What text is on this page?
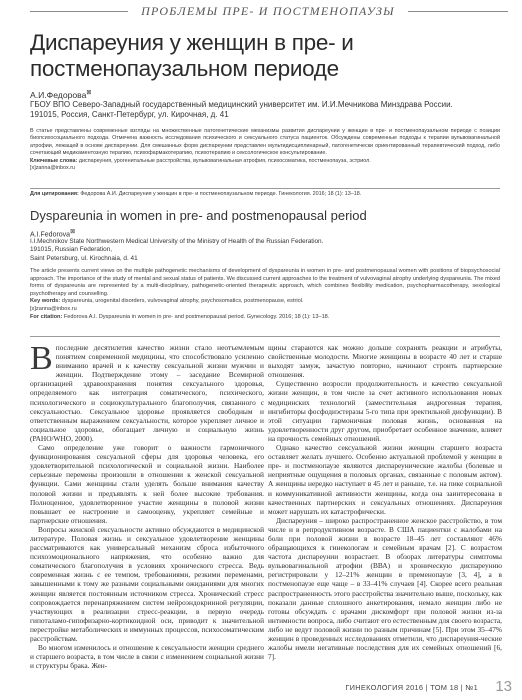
ПРОБЛЕМЫ ПРЕ- И ПОСТМЕНОПАУЗЫ
Диспареуния у женщин в пре- и постменопаузальном периоде
А.И.Федорова⊠
ГБОУ ВПО Северо-Западный государственный медицинский университет им. И.И.Мечникова Минздрава России.
191015, Россия, Санкт-Петербург, ул. Кирочная, д. 41
В статье представлены современные взгляды на множественные патогенетические механизмы развития диспареунии у женщин в пре- и постменопаузальном периоде с позиции биопсихосоциального подхода. Отмечена важность исследования психического и сексуального статуса пациенток. Обсуждены современные подходы к терапии вульвовагинальной атрофии, лежащей в основе диспареунии. Для смешанных форм диспареунии представлен мультидисциплинарный, патогенетически ориентированный терапевтический подход, либо сочетающий медикаментозную терапию, психофармакотерапию, психотерапию и сексологическое консультирование.
Ключевые слова: диспареуния, урогенитальные расстройства, вульвовагинальная атрофия, психосоматика, постменопауза, эстриол.
[x]zanna@inbox.ru
Для цитирования: Федорова А.И. Диспареуния у женщин в пре- и постменопаузальном периоде. Гинекология. 2016; 18 (1): 13–18.
Dyspareunia in women in pre- and postmenopausal period
A.I.Fedorova⊠
I.I.Mechnikov State Northwestern Medical University of the Ministry of Health of the Russian Federation. 191015, Russian Federation,
Saint Petersburg, ul. Kirochnaia, d. 41
The article presents current views on the multiple pathogenetic mechanisms of development of dyspareunia in women in pre- and postmenopausal women with positions of biopsychosocial approach. The importance of the study of mental and sexual status of patients. We discussed current approaches to the treatment of vulvovaginal atrophy underlying dyspareunia. The mixed forms of dyspareunia are represented by a multi-disciplinary, pathogenetic-oriented therapeutic approach, which combines flexibility medication, psychopharmacotherapy, sexological psychotherapy and counselling.
Key words: dyspareunia, urogenital disorders, vulvovaginal atrophy, psychosomatics, postmenopause, estriol.
[x]zanna@inbox.ru
For citation: Fedorova A.I. Dyspareunia in women in pre- and postmenopausal period. Gynecology. 2016; 18 (1): 13–18.

Впоследние десятилетия качество жизни стало неотъемлемым понятием современной медицины, что способствовало усиленно вниманию врачей и к качеству сексуальной жизни мужчин и женщин. Подтверждение этому – заседание Всемирной организацией здравоохранения понятия сексуального здоровья, определяемого как интеграция соматического, психического, психологического и социокультурального благополучия, связанного с сексуальностью. Сексуальное здоровье проявляется свободным и ответственным выражением сексуальности, которое укрепляет личное и социальное здоровье, обогащает личную и социальную жизнь (РАНО/WHO, 2000).

Само определение уже говорит о важности гармоничного функционирования сексуальной сферы для здоровья человека, его удовлетворительной психологической и социальной жизни. Наиболее серьезные перемены произошли в отношении к женской сексуальной функции. Сами женщины стали уделять больше внимания качеству половой жизни и предъявлять к ней более высокие требования. Полноценное, удовлетворенное участие женщины в половой жизни повышает ее настроение и самооценку, укрепляет семейные и партнерские отношения.

Вопросы женской сексуальности активно обсуждаются в медицинской литературе. Половая жизнь и сексуальное удовлетворение женщины рассматриваются как универсальный механизм сброса избыточного психоэмоционального напряжения, что особенно важно для соматического благополучия в условиях хронического стресса. Ведь современная жизнь с ее темпом, требованиями, резкими переменами, завышенными к тому же разными социальными ожиданиями для многих женщин является постоянным источником стресса. Хронический стресс сопровождается перенапряжением систем нейроэндокринной регуляции, участвующих в реализации стресс-реакции, в первую очередь гипоталамо-гипофизарно-кортикоидной оси, приводит к значительной перестройке метаболических и иммунных процессов, психосоматическим расстройствам.

Во многом изменилось и отношение к сексуальности женщин среднего и старшего возраста, в том числе в связи с изменением социальной жизни и структуры брака. Жен-

щины стараются как можно дольше сохранять реакции и атрибуты, свойственные молодости. Многие женщины в возрасте 40 лет и старше выходят замуж, зачастую повторно, начинают строить партнерские отношения.

Существенно возросли продолжительность и качество сексуальной жизни женщин, в том числе за счет активного использования новых медицинских технологий (заместительная андрогенная терапия, ингибиторы фосфодиэстеразы 5-го типа при эректильной дисфункции). В этой ситуации гармоничная половая жизнь, основанная на удовлетворенности друг другом, приобретает особенное значение, влияет на прочность семейных отношений.

Однако качество сексуальной жизни женщин старшего возраста оставляет желать лучшего. Особенно актуальной проблемой у женщин в пре- и постменопаузе являются диспареунические жалобы (болевые и неприятные ощущения в половых органах, связанные с половым актом). А женщины нередко наступает в 45 лет и раньше, т.е. на пике социальной и коммуникативной активности женщины, когда она заинтересована в качественных партнерских и сексуальных отношениях. Диспареуния может нарушать их катастрофически.

Диспареуния – широко распространенное женское расстройство, в том числе и в репродуктивном возрасте. В США пациентки с жалобами на боли при половой жизни в возрасте 18–45 лет составляют 46% обращающихся к гинекологам и семейным врачам [2]. С возрастом частота диспареунии возрастает. В обзорах литературы симптомы вульвовагинальной атрофии (ВВА) и хроническую диспареунию регистрировали у 12–21% женщин в пременопаузе [3, 4], а в постменопаузе еще чаще – в 33–41% случаев [4]. Скорее всего реальная распространенность этого расстройства значительно выше, поскольку, как показали данные сплошного анкетирования, немало женщин либо не готовы обсуждать с врачами дискомфорт при половой жизни из-за интимности вопроса, либо считают его естественным для своего возраста, либо не ведут половой жизни по разным причинам [5]. При этом 35–47% женщин в проведенных исследованиях отметили, что диспареуния-ческие жалобы имели негативные последствия для их семейных отношений [6, 7].

ГИНЕКОЛОГИЯ 2016 | ТОМ 18 | №1 13
